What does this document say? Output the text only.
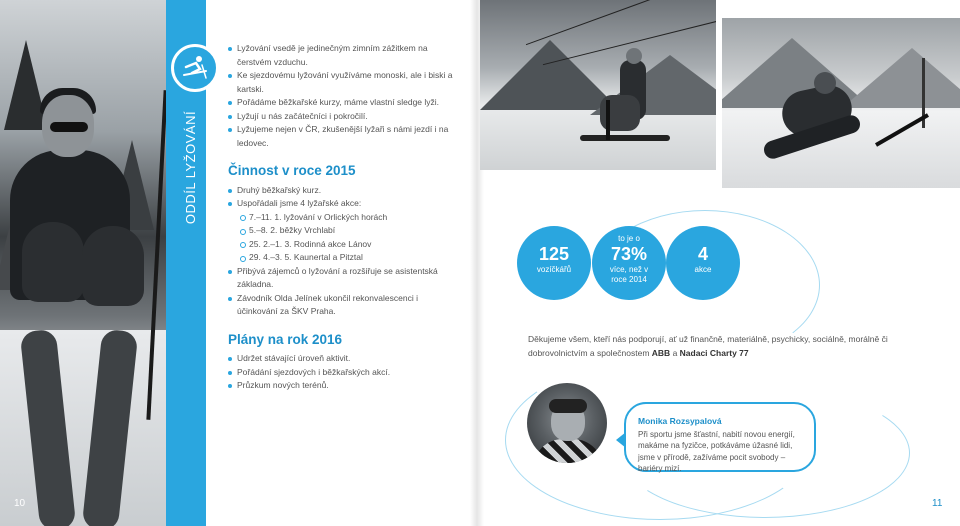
10
ODDÍL LYŽOVÁNÍ
Lyžování vsedě je jedinečným zimním zážitkem na čerstvém vzduchu.
Ke sjezdovému lyžování využíváme monoski, ale i biski a kartski.
Pořádáme běžkařské kurzy, máme vlastní sledge lyži.
Lyžují u nás začátečníci i pokročilí.
Lyžujeme nejen v ČR, zkušenější lyžaři s námi jezdí i na ledovec.
Činnost v roce 2015
Druhý běžkařský kurz.
Uspořádali jsme 4 lyžařské akce:
7.–11. 1. lyžování v Orlických horách
5.–8. 2. běžky Vrchlabí
25. 2.–1. 3. Rodinná akce Lánov
29. 4.–3. 5. Kaunertal a Pitztal
Přibývá zájemců o lyžování a rozšiřuje se asistentská základna.
Závodník Olda Jelínek ukončil rekonvalescenci i účinkování za ŠKV Praha.
Plány na rok 2016
Udržet stávající úroveň aktivit.
Pořádání sjezdových i běžkařských akcí.
Průzkum nových terénů.
125
vozíčkářů
to je o
73%
více, než v roce 2014
4
akce
Děkujeme všem, kteří nás podporují, ať už finančně, materiálně, psychicky, sociálně, morálně či dobrovolnictvím a společnostem ABB a Nadaci Charty 77
Monika Rozsypalová
Při sportu jsme šťastní, nabití novou energií, makáme na fyzičce, potkáváme úžasné lidi, jsme v přírodě, zažíváme pocit svobody – bariéry mizí.
11
